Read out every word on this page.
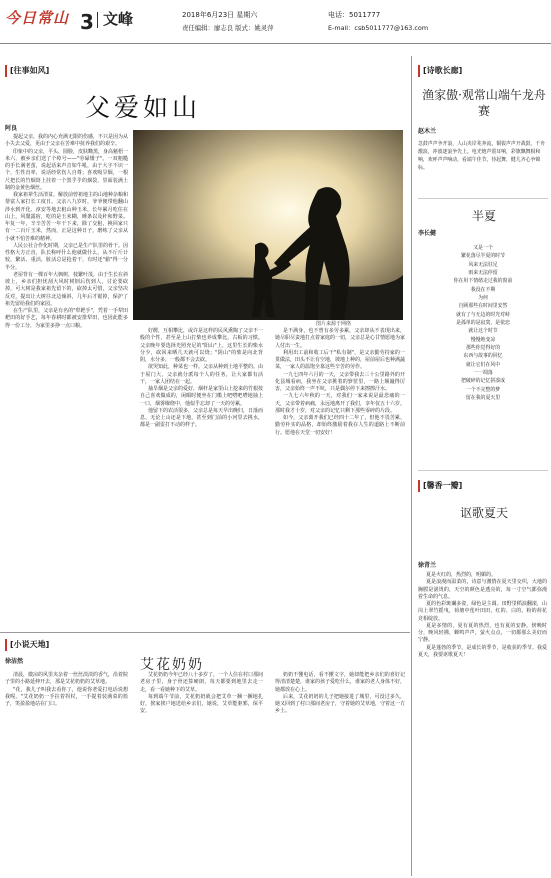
今日常山 3 文峰	2018年6月23日 星期六
责任编辑：廖志良 版式：姚灵萍
电话：5011777
E-mail：csb5011777@163.com
[往事如风]
父爱如山
阿良
图片来源于网络

提起父亲，我的内心充满无限的伤感，不只是因为从小失去父爱，更由于父亲在苦难中抚养我们的艰辛。

印象中的父亲，平头、圆脸，皮肤黝黑，身高魁梧一米六，被乡亲们送了个绰号——"劳碌矮子"。一双粗糙的手长满老茧，说起话来声音如牛吼，由于大字不识一个，生性直率，说话经常伤人自尊；喜欢吸旱烟，一根尺把长的竹烟筒上挂着一个黑乎乎的烟袋，里面装满土制的金黄色烟丝。

我家祖辈生活清贫。解放前曾祖地主的山地种杂粮和帮富人家打长工度日。父亲八九岁时，爷爷便带他翻山涉水到开化、淳安等地去租山种玉米，长年累月吃住在山上，风餐露宿，吃的是玉米糊，睡条以及秆和野菜。年复一年，辛辛苦苦一年干下来，除了交租，换回家只有一二百斤玉米，然而，正是这种日子，磨练了父亲从小就不怕苦难的精神。

人民公社合作化时期，父亲已是生产队里的骨干。因性格大方正直，队长称呼什么他就做什么，从不斤斤计较，繁活、重活，脏活总是抢着干，有时还"偷"得一分半分。

老屋背有一棵百年大枫树，枝繁叶茂，由于生长在斜坡上，乡亲们担忧刮大风时树倒后伤到人，讨论要砍掉，可大树是我家祖先留下的，砍掉太可惜，父亲坚决反对，提出让大树往北边倾斜，几年后才锯掉，保护了祖先留给我们的家园。

在生产队里，父亲是有名的"犁耙手"，凭着一手犁田耙田的好手艺，每年春耕时都被安排犁田，也因此能多得一份工分，为家里多挣一点口粮。

好酹，互相攀比，或许是这样的民风熏陶了父亲不一般的个性，甚至是上山打柴也养成攀比，古板的习惯。父亲晚年要选择光照充足的"阳山"上，这里生长的柴水分少，砍回来晒几天就可以烧；"阴山"的柴是向北背阴，水分多，一般都不会去砍。

欲哭知此，种菜也一样。父亲从种到土地平整的。由于屋门大，父亲就分派每个人的任务，让大家都有活干，一家人团结在一起。

抽旱烟是父亲的爱好，烟杆是家里山上挖来的竹根按自己喜欢做成的，闲暇时便坐在门槛上吧嗒吧嗒地抽上一口，烟雾缭绕中，他似乎忘却了一天的劳累。

他留下的农活很多，父亲总是每天早出晚归，日落而息，无论上山还是下地，甚至到门前的小河里去挑水，都是一副雷打不动的样子。

是不满身，也不曾有多劳多累，父亲却从不表现出来，她尽职尽责地打点着家庭的一切，父亲总是心甘情愿地为家人付出一生。

利用出工前和收工后干"私有制"，是父亲勤劳持家的一贯做法，田头不让有空地，坡地上种的，屋前屋后也种满蔬菜，一家人的温饱全靠这些辛苦的劳作。

一九七四年六月的一天，父亲带我去三十公里路外的开化县城看病，我坐在父亲挑着的箩筐里，一路上颠簸得厉害，父亲始终一声不吭，只是偶尔停下来擦擦汗水。

一九七六年秋的一天，对我们一家来说是最悲痛的一天，父亲带着病痛，永远地离开了我们，享年仅五十六岁。那时我才十岁，对父亲的记忆只剩下那些零碎的片段。

如今，父亲离开我们已经四十二年了，但他不畏苦累、勤劳朴实的品格，却始终激励着我在人生的道路上不断前行。愿他在天堂一切安好！

[诗歌长廊]
渔家傲·观常山端午龙舟赛
赵木兰
急鼓声声争开浪，人山夹岸兆奔流，铜钹声声开战鼓。千舟激浪，冲波逐浪争先上。电光炮声震耳响，彩旗飘舞相和响，欢呼声声响动，看端午佳节。待起舞，健儿齐心争锦标。
半夏
李长健
又是一个
繁花落尽半夏的时节
风来无法驻足
雨来无法停留
你在用下情绪走过我的窗前
我没在不期
为何
自顾那些在时间里安然
就有了与无边的时光对峙
是孤单的是寂寞，是依恋
就让这个时节
慢慢地变凉
那些你觉得好的
东西与故事的回忆
就让它们在风中
一一凋落
把破碎的记忆拼凑成
一个不完整的梦
留在我的夏天里
[馨香一瓣]
讴歌夏天
徐青兰

夏是火红的，热烈的，明媚的。

夏是浪漫而温柔的，诗意与激情在夏天里交织，大地的胸膛是滚烫的，天空的颜色是透亮的，每一寸空气都弥漫着生命的气息。

夏的色彩斑斓多姿，绿色是主调。田野里稻浪翻滚，山岗上翠竹摇曳，荷塘中莲叶田田，红的、白的、粉的荷花竞相绽放。

夏是多情的，夏有夏的热烈，也有夏的安静。傍晚时分，晚风轻拂，蝉鸣声声，萤火点点，一切都那么美好而宁静。

夏是蓬勃的季节，是成长的季节，是收获的季节。我爱夏天，我要讴歌夏天！

[小说天地]
艾花奶奶
徐洁然

清晨，微凉的风里夹杂着一丝丝淡淡的香气，沿着院子里的小路延伸开去，那是艾花奶奶的艾草地。

"花，我儿子叫我去看你了，他说你老爱打电话说想我呢。"艾花奶奶一手拄着拐杖，一手提着装满菜的篮子，笑盈盈地站在门口。

艾花奶奶今年已经八十多岁了，一个人住在村口那间老房子里，身子骨还算硬朗，每天都要到地里去走一走，看一看她种下的艾草。

每到端午节前，艾花奶奶就会把艾草一捆一捆地扎好，挨家挨户地送给乡亲们，她说，艾草能驱邪，保平安。

奶奶不懂电话，看不懂文字，她却能把乡亲们的喜好记得清清楚楚，谁家的孩子爱吃什么，谁家的老人身体不好，她都放在心上。

后来，艾花奶奶的儿子把她接进了城里，可没过多久，她又回到了村口那间老房子，守着她的艾草地，守着这一方乡土。
